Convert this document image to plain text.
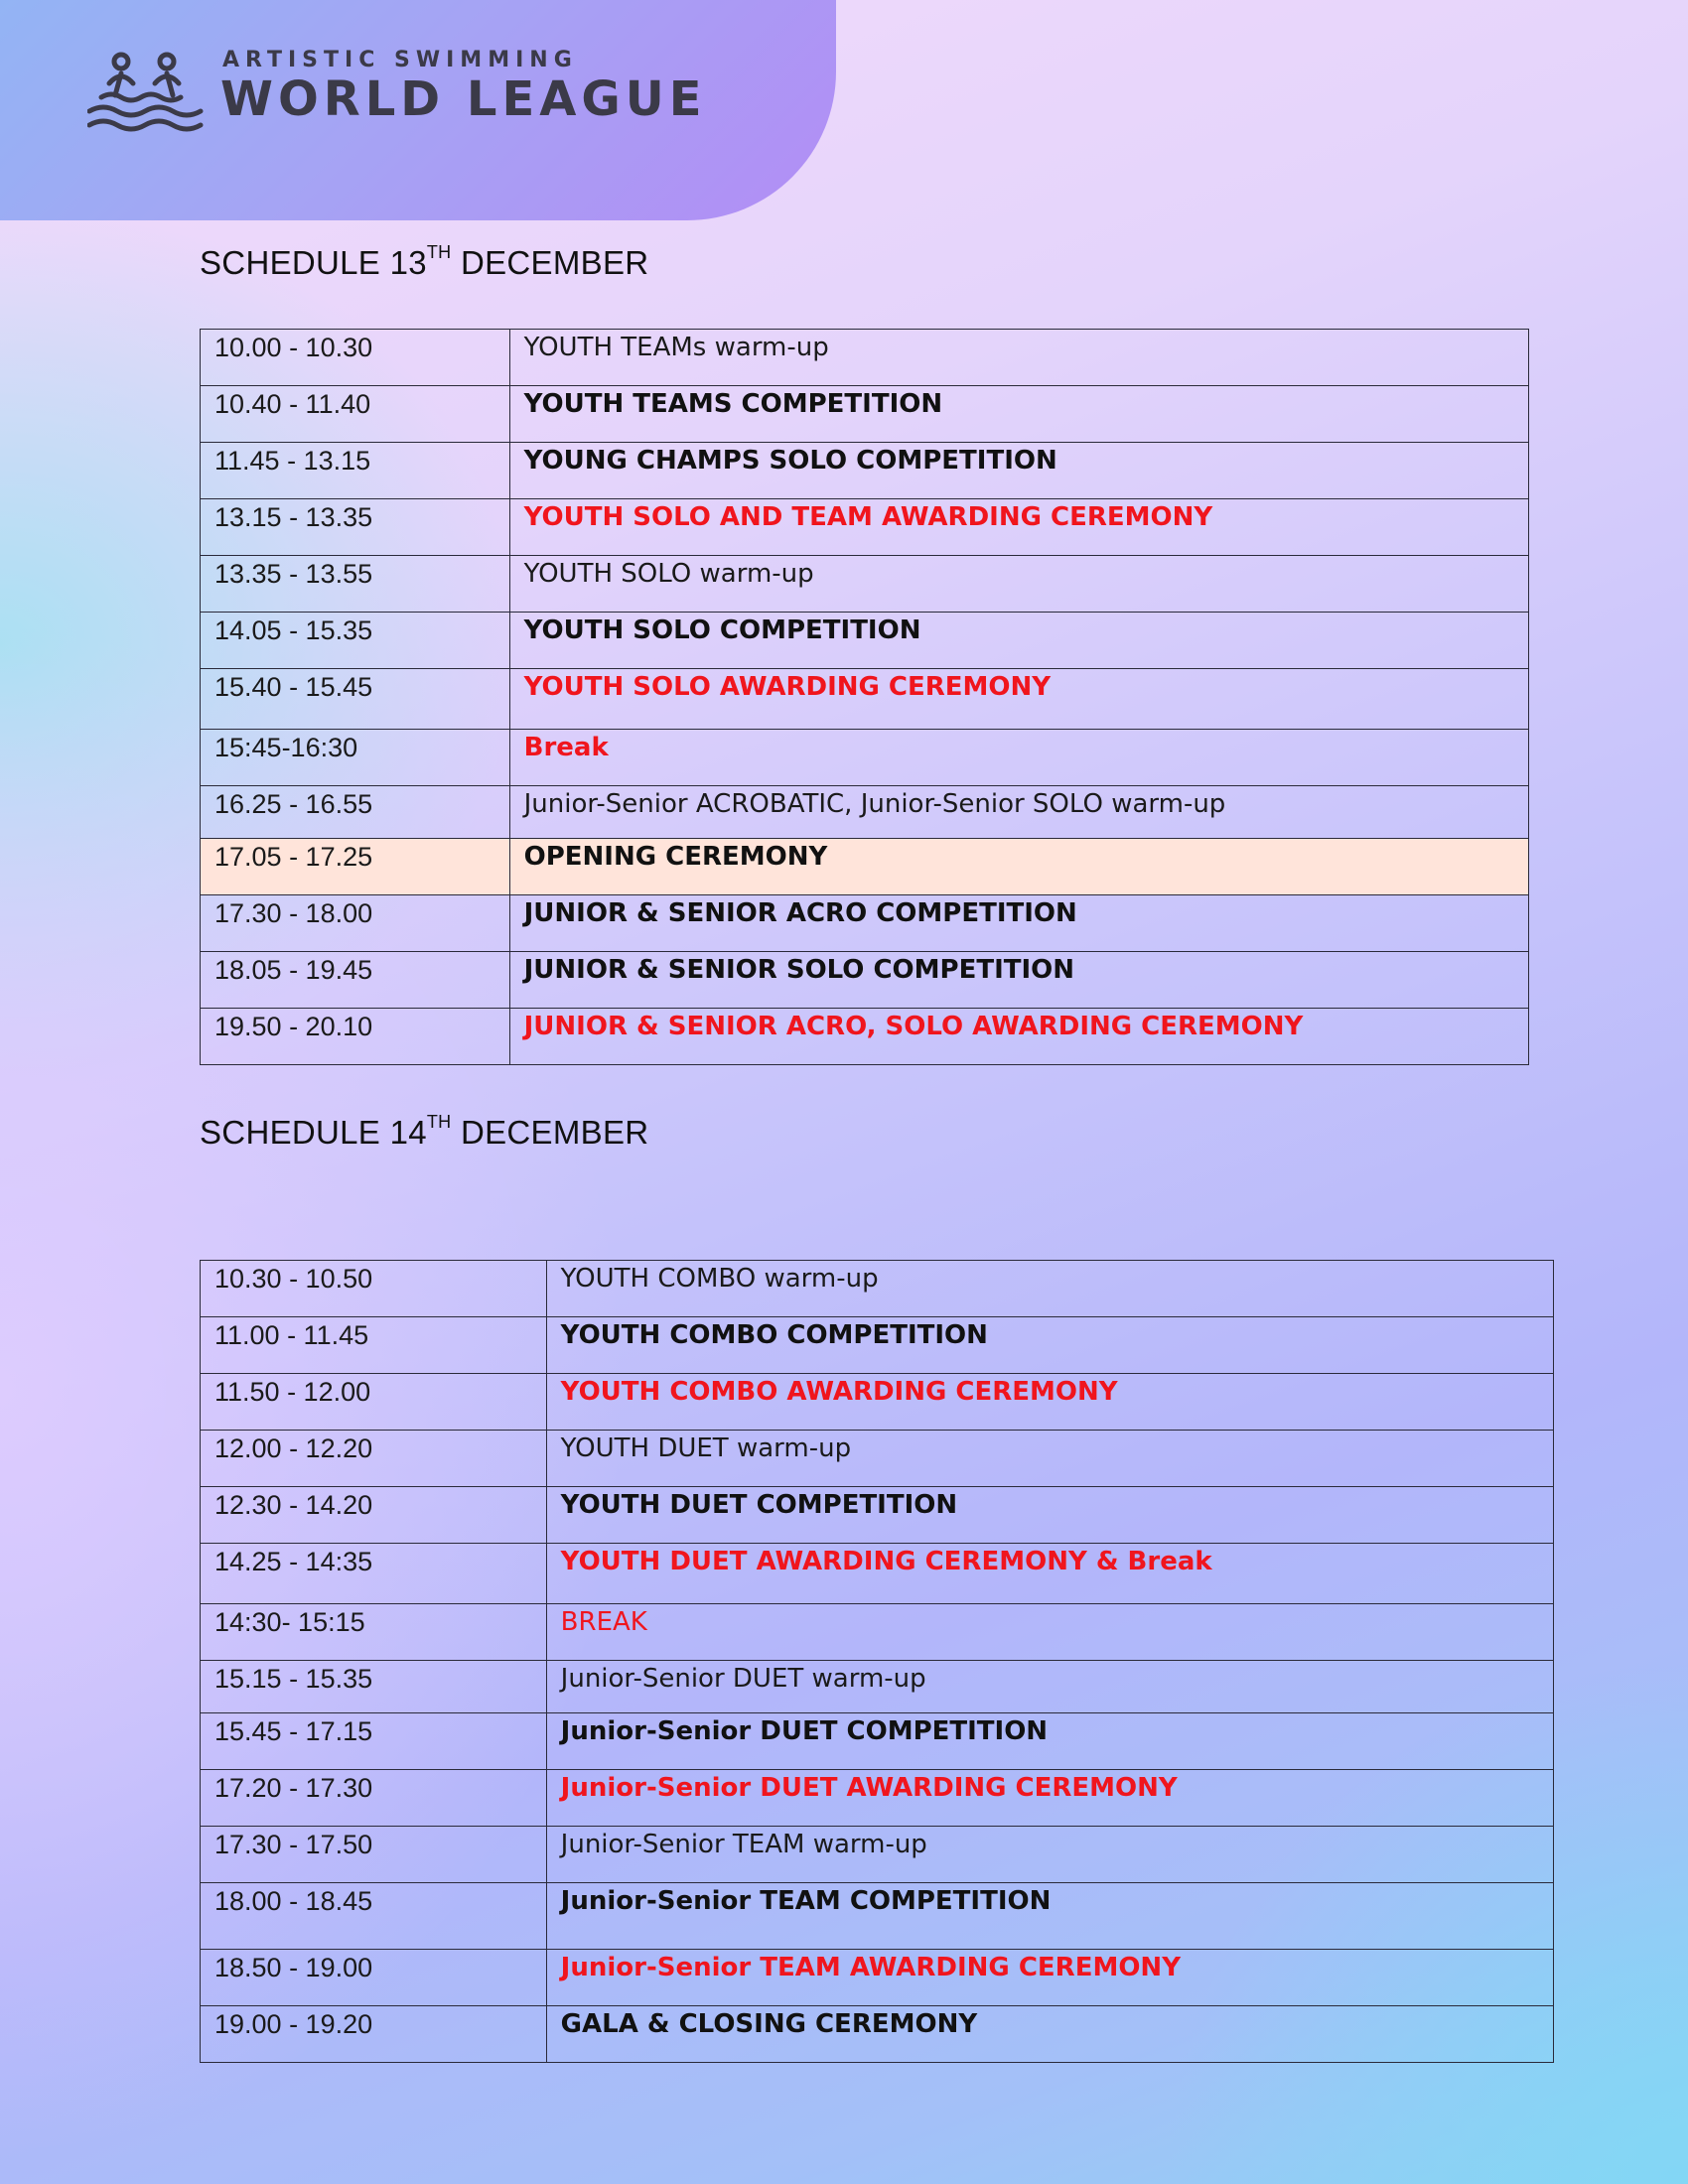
ARTISTIC SWIMMING
WORLD LEAGUE
SCHEDULE 13TH DECEMBER
10.00 - 10.30	YOUTH TEAMs warm-up
10.40 - 11.40	YOUTH TEAMS COMPETITION
11.45 - 13.15	YOUNG CHAMPS SOLO COMPETITION
13.15 - 13.35	YOUTH SOLO AND TEAM AWARDING CEREMONY
13.35 - 13.55	YOUTH SOLO warm-up
14.05 - 15.35	YOUTH SOLO COMPETITION
15.40 - 15.45	YOUTH SOLO AWARDING CEREMONY
15:45-16:30	Break
16.25 - 16.55	Junior-Senior ACROBATIC, Junior-Senior SOLO warm-up
17.05 - 17.25	OPENING CEREMONY
17.30 - 18.00	JUNIOR & SENIOR ACRO COMPETITION
18.05 - 19.45	JUNIOR & SENIOR SOLO COMPETITION
19.50 - 20.10	JUNIOR & SENIOR ACRO, SOLO AWARDING CEREMONY
SCHEDULE 14TH DECEMBER
10.30 - 10.50	YOUTH COMBO warm-up
11.00 - 11.45	YOUTH COMBO COMPETITION
11.50 - 12.00	YOUTH COMBO AWARDING CEREMONY
12.00 - 12.20	YOUTH DUET warm-up
12.30 - 14.20	YOUTH DUET COMPETITION
14.25 - 14:35	YOUTH DUET AWARDING CEREMONY & Break
14:30- 15:15	BREAK
15.15 - 15.35	Junior-Senior DUET warm-up
15.45 - 17.15	Junior-Senior DUET COMPETITION
17.20 - 17.30	Junior-Senior DUET AWARDING CEREMONY
17.30 - 17.50	Junior-Senior TEAM warm-up
18.00 - 18.45	Junior-Senior TEAM COMPETITION
18.50 - 19.00	Junior-Senior TEAM AWARDING CEREMONY
19.00 - 19.20	GALA & CLOSING CEREMONY
